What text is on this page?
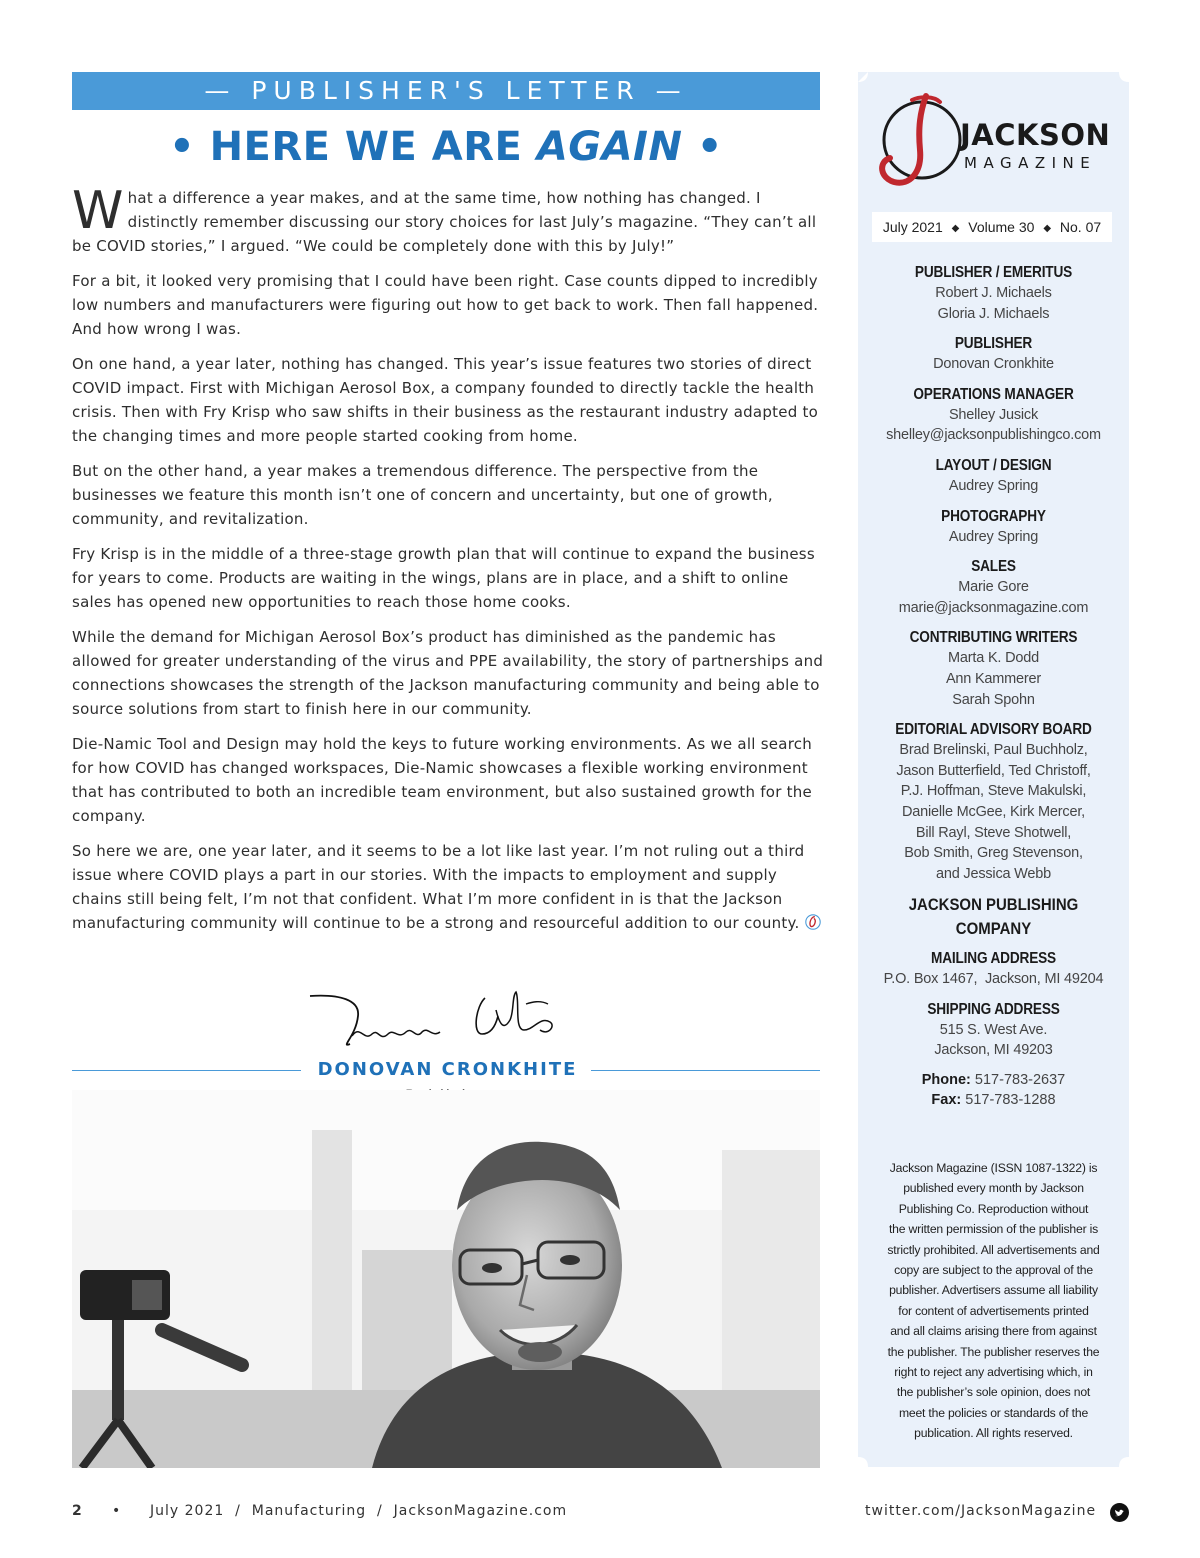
— PUBLISHER'S LETTER —
• HERE WE ARE AGAIN •

What a difference a year makes, and at the same time, how nothing has changed. I distinctly remember discussing our story choices for last July’s magazine. “They can’t all be COVID stories,” I argued. “We could be completely done with this by July!”

For a bit, it looked very promising that I could have been right. Case counts dipped to incredibly low numbers and manufacturers were figuring out how to get back to work. Then fall happened. And how wrong I was.

On one hand, a year later, nothing has changed. This year’s issue features two stories of direct COVID impact. First with Michigan Aerosol Box, a company founded to directly tackle the health crisis. Then with Fry Krisp who saw shifts in their business as the restaurant industry adapted to the changing times and more people started cooking from home.

But on the other hand, a year makes a tremendous difference. The perspective from the businesses we feature this month isn’t one of concern and uncertainty, but one of growth, community, and revitalization.

Fry Krisp is in the middle of a three-stage growth plan that will continue to expand the business for years to come. Products are waiting in the wings, plans are in place, and a shift to online sales has opened new opportunities to reach those home cooks.

While the demand for Michigan Aerosol Box’s product has diminished as the pandemic has allowed for greater understanding of the virus and PPE availability, the story of partnerships and connections showcases the strength of the Jackson manufacturing community and being able to source solutions from start to finish here in our community.

Die-Namic Tool and Design may hold the keys to future working environments. As we all search for how COVID has changed workspaces, Die-Namic showcases a flexible working environment that has contributed to both an incredible team environment, but also sustained growth for the company.

So here we are, one year later, and it seems to be a lot like last year. I’m not ruling out a third issue where COVID plays a part in our stories. With the impacts to employment and supply chains still being felt, I’m not that confident. What I’m more confident in is that the Jackson manufacturing community will continue to be a strong and resourceful addition to our county.

DONOVAN CRONKHITE
2 • July 2021  /  Manufacturing  /  JacksonMagazine.com	twitter.com/JacksonMagazine
JACKSON
MAGAZINE
July 2021 ◆ Volume 30 ◆ No. 07
PUBLISHER / EMERITUS
Robert J. Michaels
Gloria J. Michaels
PUBLISHER
Donovan Cronkhite
OPERATIONS MANAGER
Shelley Jusick
shelley@jacksonpublishingco.com
LAYOUT / DESIGN
Audrey Spring
PHOTOGRAPHY
Audrey Spring
SALES
Marie Gore
marie@jacksonmagazine.com
CONTRIBUTING WRITERS
Marta K. Dodd
Ann Kammerer
Sarah Spohn
EDITORIAL ADVISORY BOARD
Brad Brelinski, Paul Buchholz,
Jason Butterfield, Ted Christoff,
P.J. Hoffman, Steve Makulski,
Danielle McGee, Kirk Mercer,
Bill Rayl, Steve Shotwell,
Bob Smith, Greg Stevenson,
and Jessica Webb
JACKSON PUBLISHING COMPANY
MAILING ADDRESS
P.O. Box 1467,  Jackson, MI 49204
SHIPPING ADDRESS
515 S. West Ave.
Jackson, MI 49203
Phone: 517-783-2637
Fax: 517-783-1288
Jackson Magazine (ISSN 1087-1322) is
published every month by Jackson
Publishing Co. Reproduction without
the written permission of the publisher is
strictly prohibited. All advertisements and
copy are subject to the approval of the
publisher. Advertisers assume all liability
for content of advertisements printed
and all claims arising there from against
the publisher. The publisher reserves the
right to reject any advertising which, in
the publisher’s sole opinion, does not
meet the policies or standards of the
publication. All rights reserved.
